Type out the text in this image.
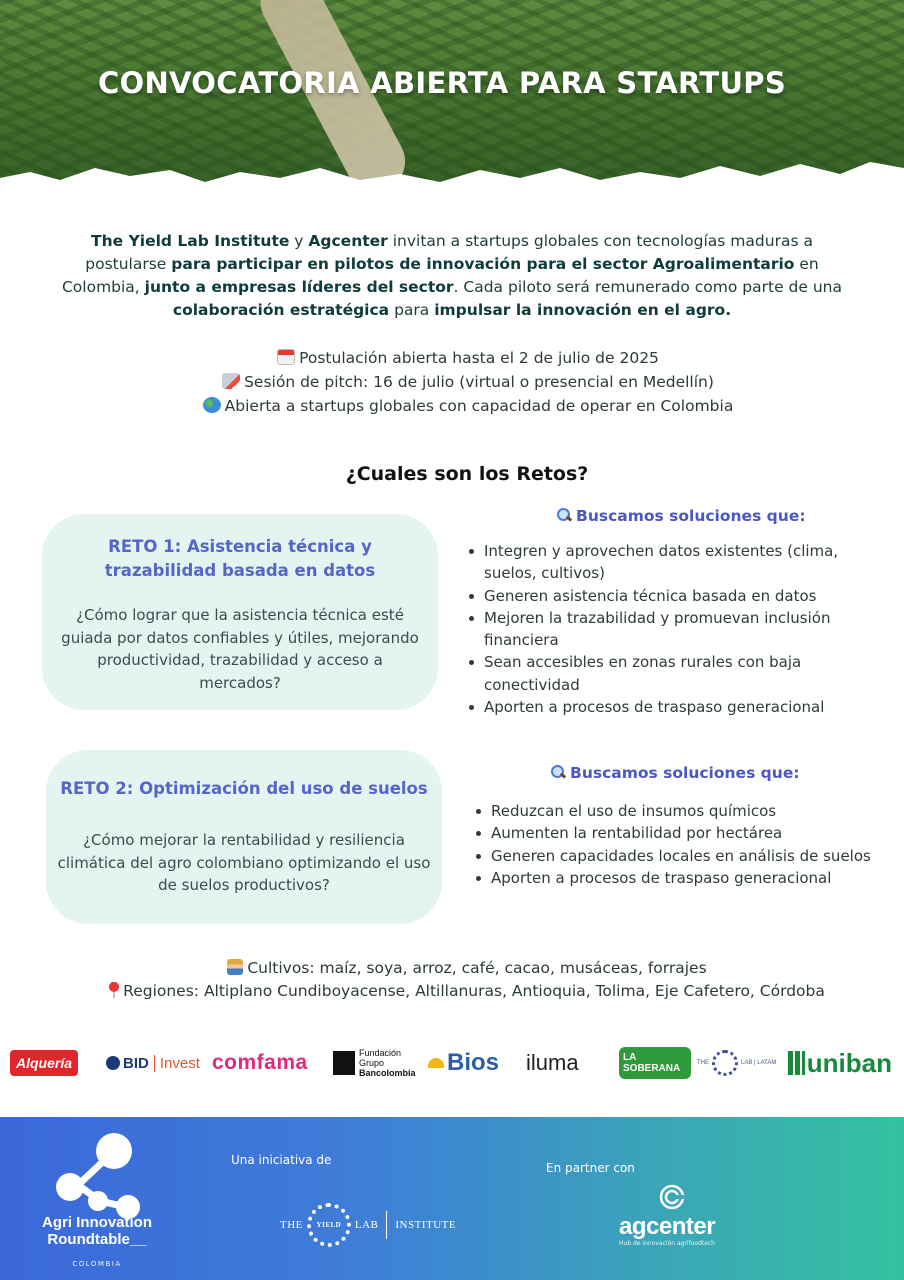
CONVOCATORIA ABIERTA PARA STARTUPS

The Yield Lab Institute y Agcenter invitan a startups globales con tecnologías maduras a postularse para participar en pilotos de innovación para el sector Agroalimentario en Colombia, junto a empresas líderes del sector. Cada piloto será remunerado como parte de una colaboración estratégica para impulsar la innovación en el agro.

Postulación abierta hasta el 2 de julio de 2025
Sesión de pitch: 16 de julio (virtual o presencial en Medellín)
Abierta a startups globales con capacidad de operar en Colombia
¿Cuales son los Retos?
RETO 1: Asistencia técnica y trazabilidad basada en datos
¿Cómo lograr que la asistencia técnica esté guiada por datos confiables y útiles, mejorando productividad, trazabilidad y acceso a mercados?
Buscamos soluciones que:
Integren y aprovechen datos existentes (clima, suelos, cultivos)
Generen asistencia técnica basada en datos
Mejoren la trazabilidad y promuevan inclusión financiera
Sean accesibles en zonas rurales con baja conectividad
Aporten a procesos de traspaso generacional
RETO 2: Optimización del uso de suelos
¿Cómo mejorar la rentabilidad y resiliencia climática del agro colombiano optimizando el uso de suelos productivos?
Buscamos soluciones que:
Reduzcan el uso de insumos químicos
Aumenten la rentabilidad por hectárea
Generen capacidades locales en análisis de suelos
Aporten a procesos de traspaso generacional
Cultivos: maíz, soya, arroz, café, cacao, musáceas, forrajes
Regiones: Altiplano Cundiboyacense, Altillanuras, Antioquia, Tolima, Eje Cafetero, Córdoba
Alquería	BID Invest comfama	Fundación
Grupo
Bancolombia Bios iluma	LA SOBERANA	THE	LAB | LATAM uniban
Agri Innovation
Roundtable__
COLOMBIA
Una iniciativa de
THE YIELD LAB INSTITUTE
En partner con
agcenter
Hub de innovación agrifoodtech
